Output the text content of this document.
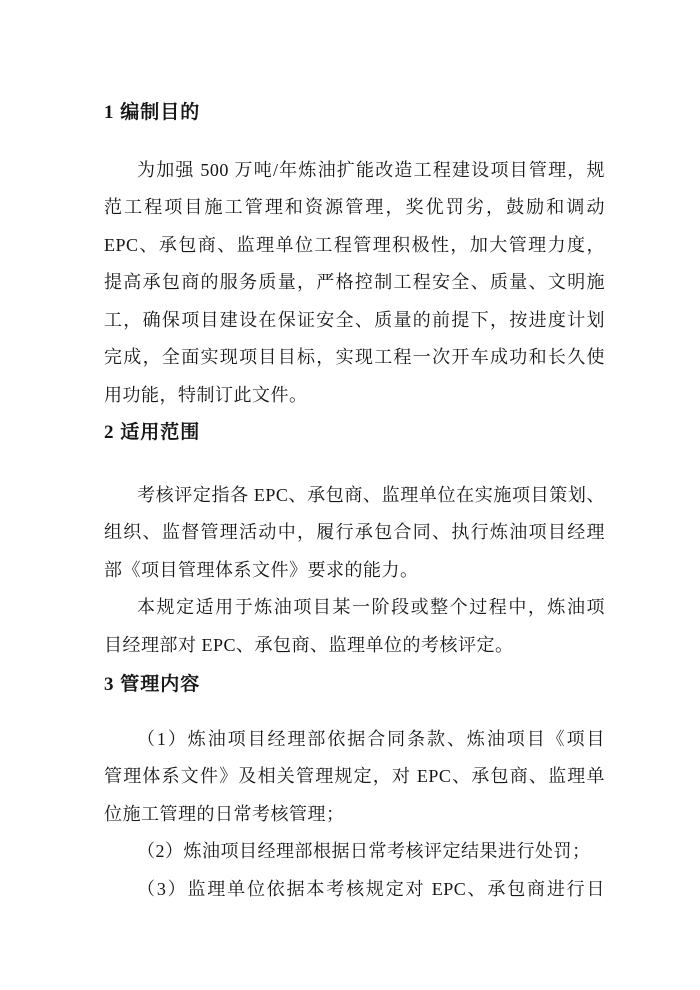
1 编制目的
为加强 500 万吨/年炼油扩能改造工程建设项目管理，规
范工程项目施工管理和资源管理，奖优罚劣，鼓励和调动
EPC、承包商、监理单位工程管理积极性，加大管理力度，
提高承包商的服务质量，严格控制工程安全、质量、文明施
工，确保项目建设在保证安全、质量的前提下，按进度计划
完成，全面实现项目目标，实现工程一次开车成功和长久使
用功能，特制订此文件。
2 适用范围
考核评定指各 EPC、承包商、监理单位在实施项目策划、
组织、监督管理活动中，履行承包合同、执行炼油项目经理
部《项目管理体系文件》要求的能力。
本规定适用于炼油项目某一阶段或整个过程中，炼油项
目经理部对 EPC、承包商、监理单位的考核评定。
3 管理内容
（1）炼油项目经理部依据合同条款、炼油项目《项目
管理体系文件》及相关管理规定，对 EPC、承包商、监理单
位施工管理的日常考核管理；
（2）炼油项目经理部根据日常考核评定结果进行处罚；
（3）监理单位依据本考核规定对 EPC、承包商进行日
